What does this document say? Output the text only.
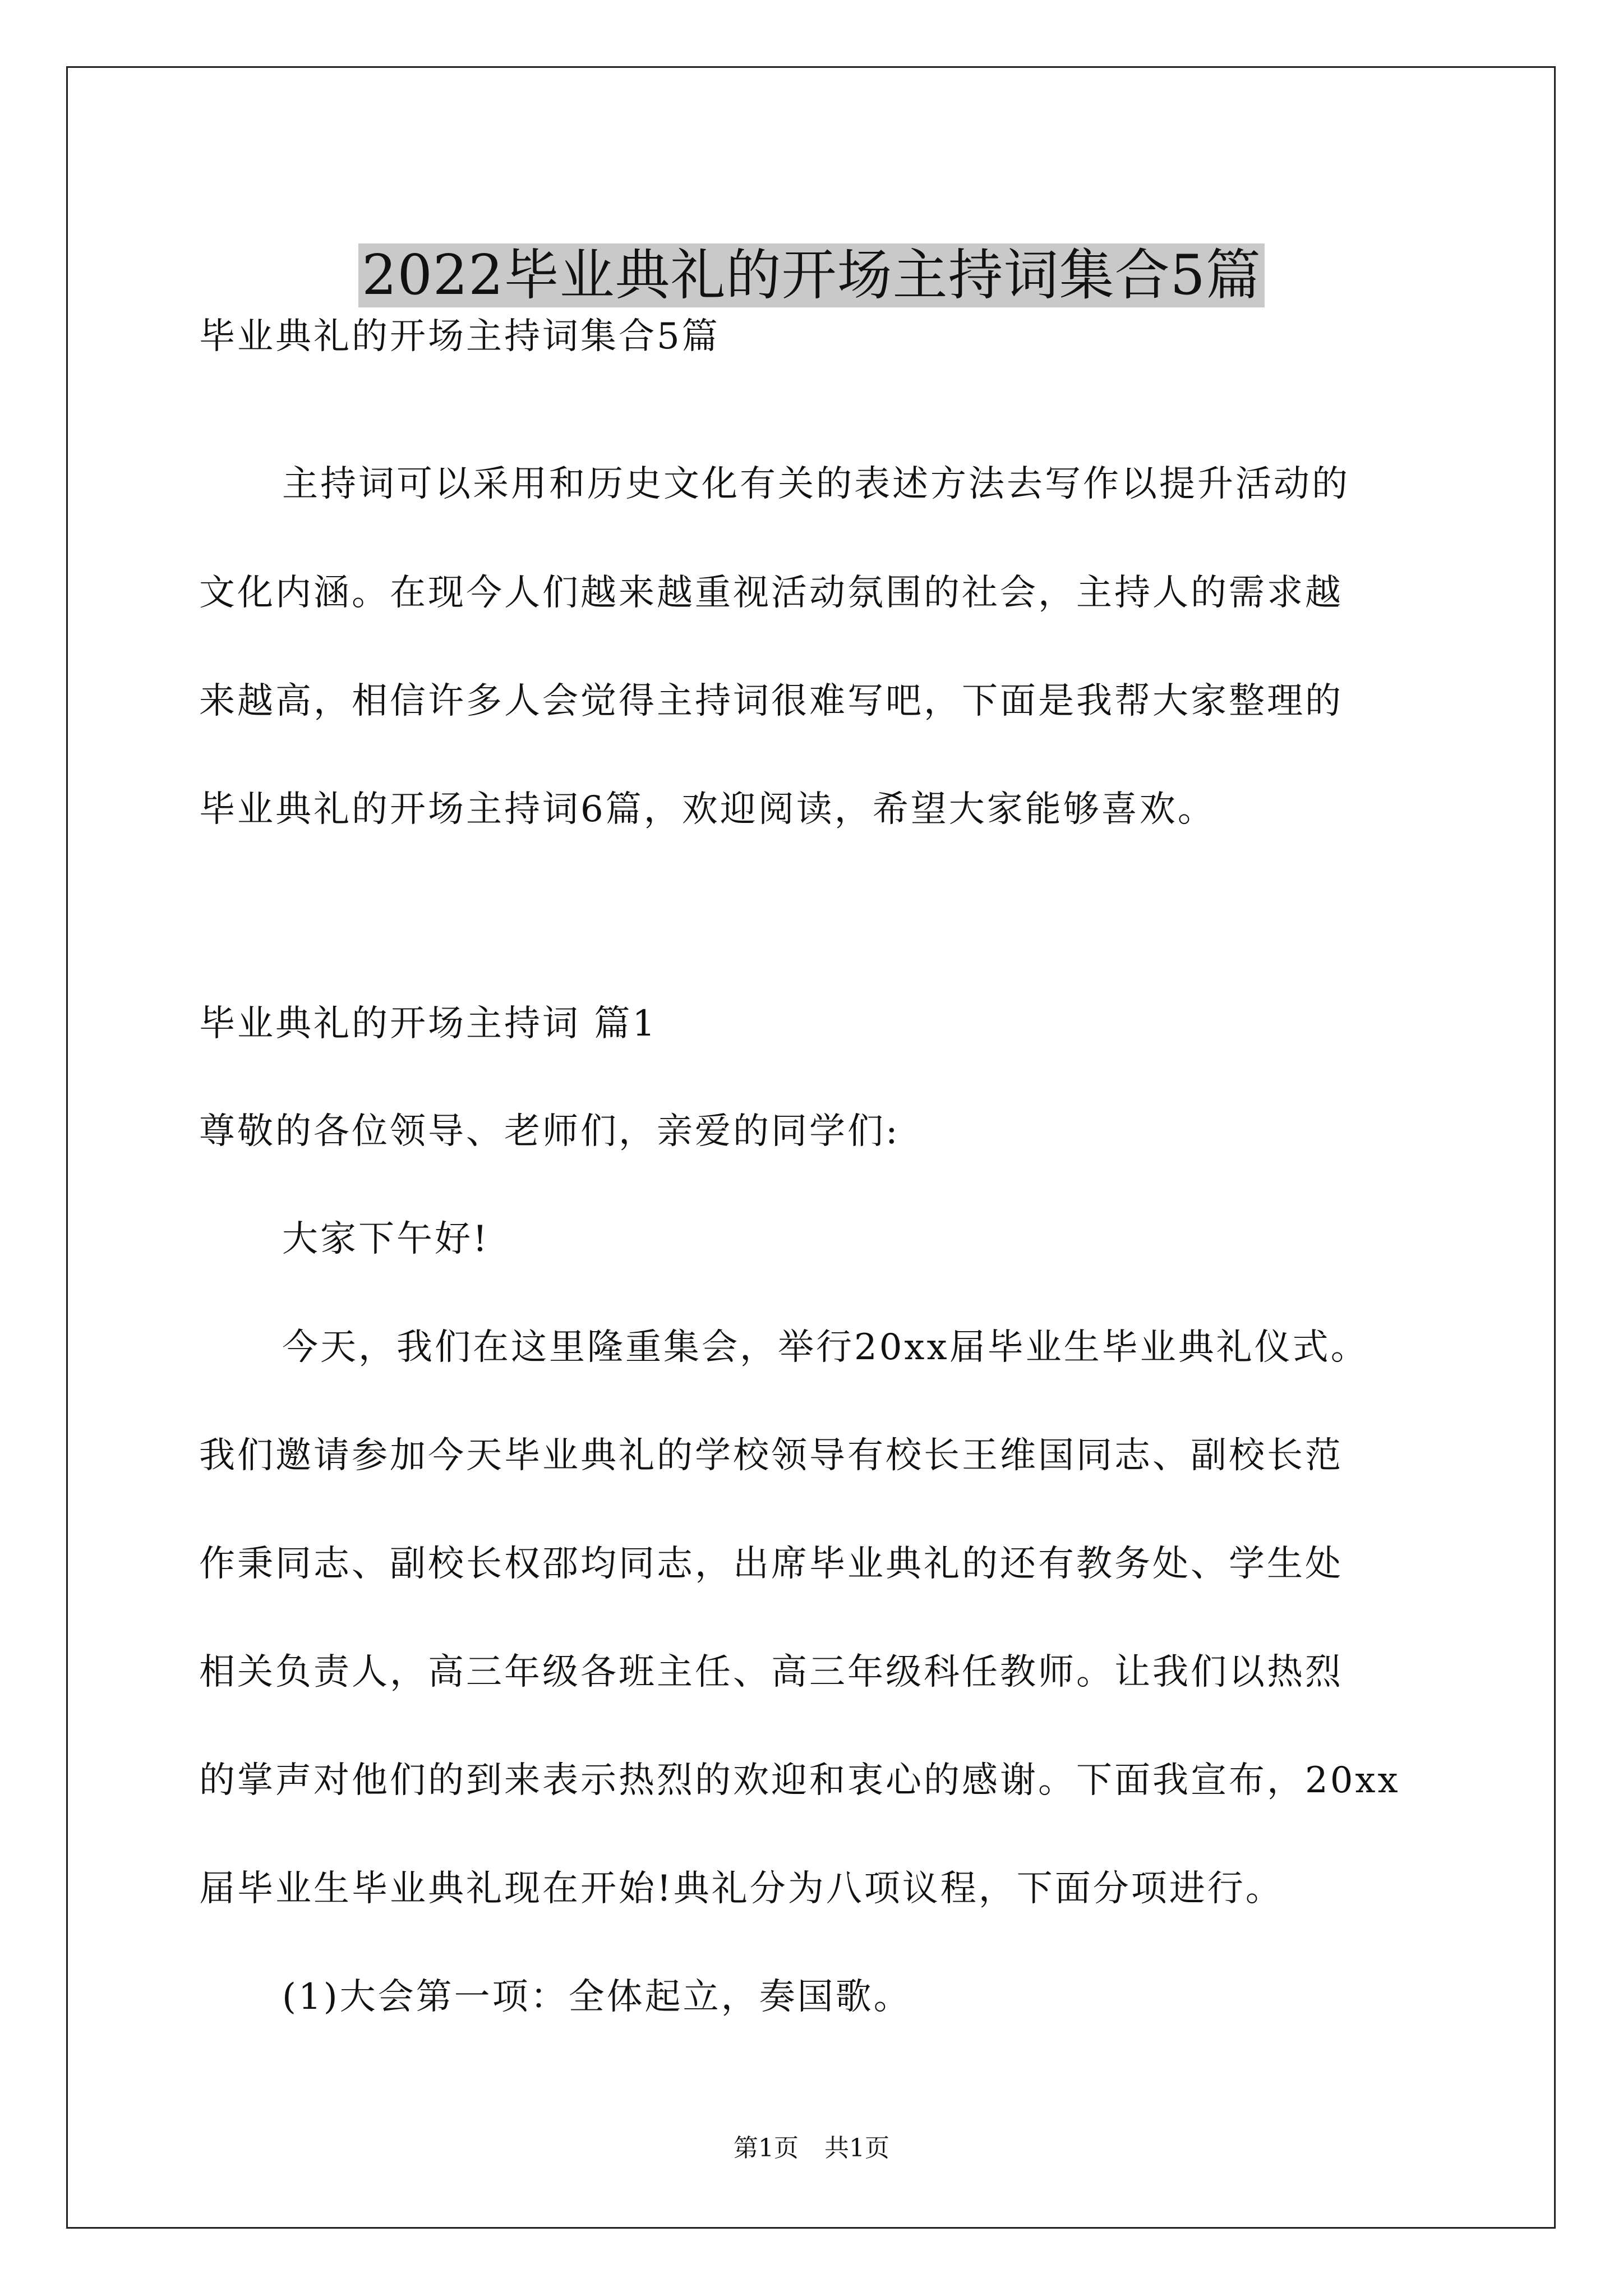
2022毕业典礼的开场主持词集合5篇
毕业典礼的开场主持词集合5篇
主持词可以采用和历史文化有关的表述方法去写作以提升活动的
文化内涵。在现今人们越来越重视活动氛围的社会，主持人的需求越
来越高，相信许多人会觉得主持词很难写吧，下面是我帮大家整理的
毕业典礼的开场主持词6篇，欢迎阅读，希望大家能够喜欢。
毕业典礼的开场主持词 篇1
尊敬的各位领导、老师们，亲爱的同学们:
大家下午好!
今天，我们在这里隆重集会，举行20xx届毕业生毕业典礼仪式。
我们邀请参加今天毕业典礼的学校领导有校长王维国同志、副校长范
作秉同志、副校长权邵均同志，出席毕业典礼的还有教务处、学生处
相关负责人，高三年级各班主任、高三年级科任教师。让我们以热烈
的掌声对他们的到来表示热烈的欢迎和衷心的感谢。下面我宣布，20xx
届毕业生毕业典礼现在开始!典礼分为八项议程，下面分项进行。
(1)大会第一项：全体起立，奏国歌。
第1页 共1页
